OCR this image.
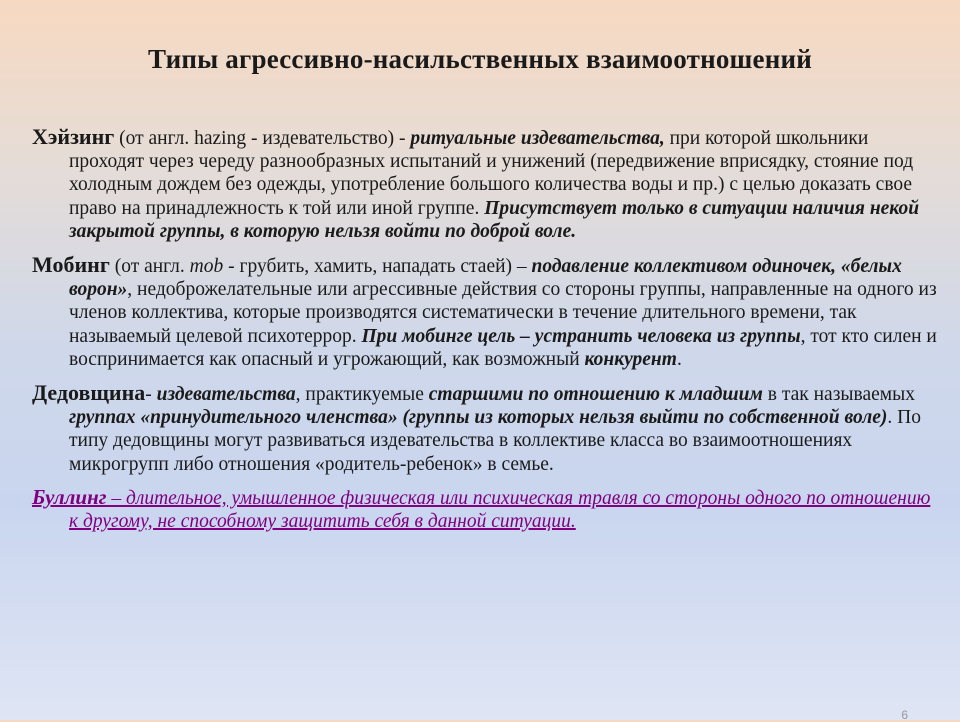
Типы агрессивно-насильственных взаимоотношений

Хэйзинг (от англ. hazing - издевательство) - ритуальные издевательства, при которой школьники проходят через череду разнообразных испытаний и унижений (передвижение вприсядку, стояние под холодным дождем без одежды, употребление большого количества воды и пр.) с целью доказать свое право на принадлежность к той или иной группе. Присутствует только в ситуации наличия некой закрытой группы, в которую нельзя войти по доброй воле.

Мобинг (от англ. mob - грубить, хамить, нападать стаей) – подавление коллективом одиночек, «белых ворон», недоброжелательные или агрессивные действия со стороны группы, направленные на одного из членов коллектива, которые производятся систематически в течение длительного времени, так называемый целевой психотеррор. При мобинге цель – устранить человека из группы, тот кто силен и воспринимается как опасный и угрожающий, как возможный конкурент.

Дедовщина- издевательства, практикуемые старшими по отношению к младшим в так называемых группах «принудительного членства» (группы из которых нельзя выйти по собственной воле). По типу дедовщины могут развиваться издевательства в коллективе класса во взаимоотношениях микрогрупп либо отношения «родитель-ребенок» в семье.

Буллинг – длительное, умышленное физическая или психическая травля со стороны одного по отношению к другому, не способному защитить себя в данной ситуации.

6
